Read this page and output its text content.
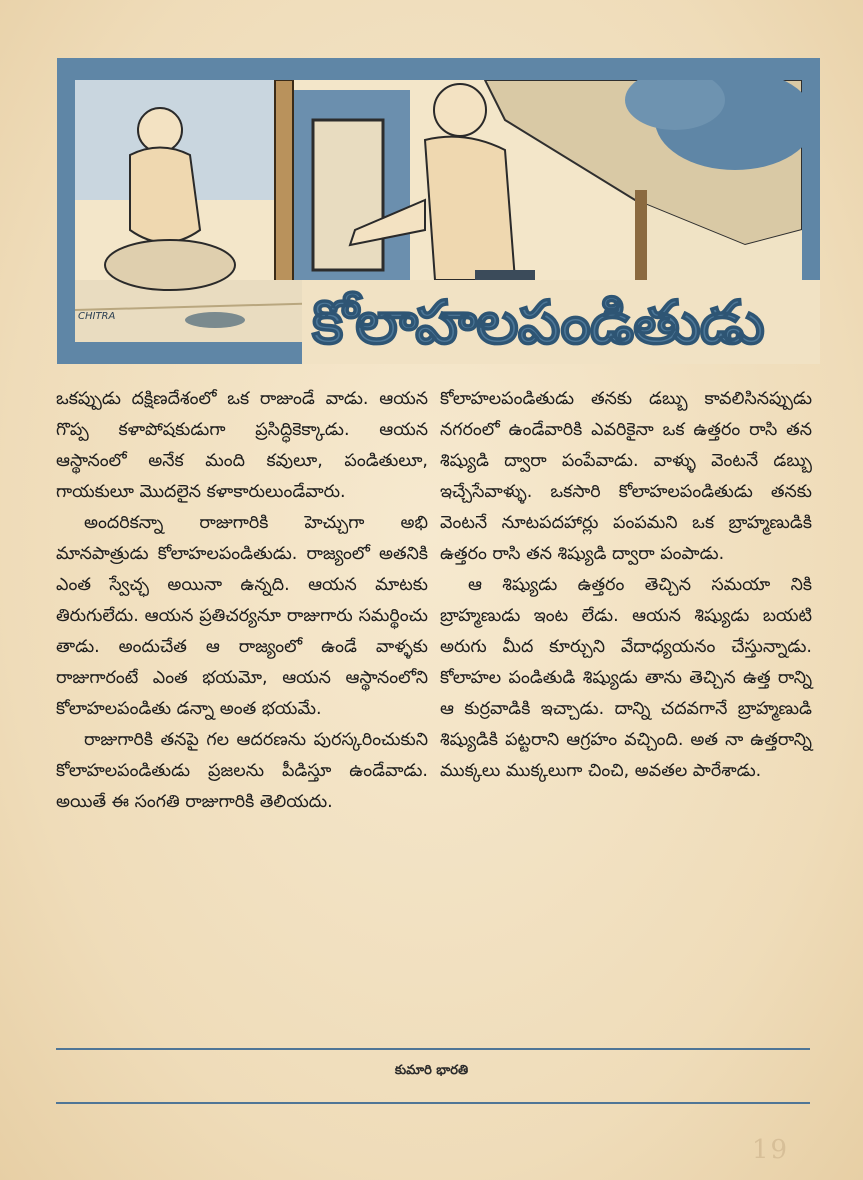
కోలాహలపండితుడు
CHITRA

ఒకప్పుడు దక్షిణదేశంలో ఒక రాజుండే వాడు. ఆయన గొప్ప కళాపోషకుడుగా ప్రసిద్ధికెక్కాడు. ఆయన ఆస్థానంలో అనేక మంది కవులూ, పండితులూ, గాయకులూ మొదలైన కళాకారులుండేవారు.

అందరికన్నా రాజుగారికి హెచ్చుగా అభి మానపాత్రుడు కోలాహలపండితుడు. రాజ్యంలో అతనికి ఎంత స్వేచ్ఛ అయినా ఉన్నది. ఆయన మాటకు తిరుగులేదు. ఆయన ప్రతిచర్యనూ రాజుగారు సమర్థించు తాడు. అందుచేత ఆ రాజ్యంలో ఉండే వాళ్ళకు రాజుగారంటే ఎంత భయమో, ఆయన ఆస్థానంలోని కోలాహలపండితు డన్నా అంత భయమే.

రాజుగారికి తనపై గల ఆదరణను పురస్కరించుకుని కోలాహలపండితుడు ప్రజలను పీడిస్తూ ఉండేవాడు. అయితే ఈ సంగతి రాజుగారికి తెలియదు.

కోలాహలపండితుడు తనకు డబ్బు కావలిసినప్పుడు నగరంలో ఉండేవారికి ఎవరికైనా ఒక ఉత్తరం రాసి తన శిష్యుడి ద్వారా పంపేవాడు. వాళ్ళు వెంటనే డబ్బు ఇచ్చేసేవాళ్ళు. ఒకసారి కోలాహలపండితుడు తనకు వెంటనే నూటపదహార్లు పంపమని ఒక బ్రాహ్మణుడికి ఉత్తరం రాసి తన శిష్యుడి ద్వారా పంపాడు.

ఆ శిష్యుడు ఉత్తరం తెచ్చిన సమయా నికి బ్రాహ్మణుడు ఇంట లేడు. ఆయన శిష్యుడు బయటి అరుగు మీద కూర్చుని వేదాధ్యయనం చేస్తున్నాడు. కోలాహల పండితుడి శిష్యుడు తాను తెచ్చిన ఉత్త రాన్ని ఆ కుర్రవాడికి ఇచ్చాడు. దాన్ని చదవగానే బ్రాహ్మణుడి శిష్యుడికి పట్టరాని ఆగ్రహం వచ్చింది. అత నా ఉత్తరాన్ని ముక్కలు ముక్కలుగా చించి, అవతల పారేశాడు.

కుమారి భారతి
19
